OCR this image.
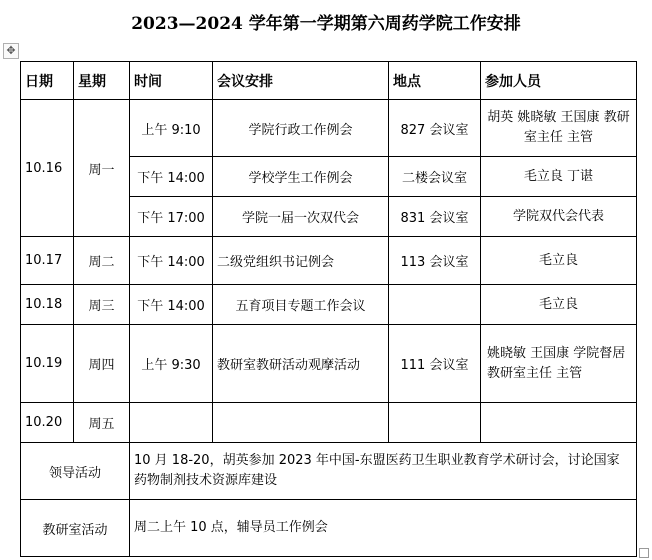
2023—2024 学年第一学期第六周药学院工作安排
✥
日期	星期	时间	会议安排	地点	参加人员
10.16	周一	上午 9:10	学院行政工作例会	827 会议室	胡英 姚晓敏 王国康 教研室主任 主管
		下午 14:00	学校学生工作例会	二楼会议室	毛立良 丁谌
		下午 17:00	学院一届一次双代会	831 会议室	学院双代会代表
10.17	周二	下午 14:00	二级党组织书记例会	113 会议室	毛立良
10.18	周三	下午 14:00	五育项目专题工作会议		毛立良
10.19	周四	上午 9:30	教研室教研活动观摩活动	111 会议室	姚晓敏 王国康 学院督居 教研室主任 主管
10.20	周五				
领导活动		10 月 18-20，胡英参加 2023 年中国-东盟医药卫生职业教育学术研讨会，讨论国家药物制剂技术资源库建设			
教研室活动		周二上午 10 点，辅导员工作例会			
